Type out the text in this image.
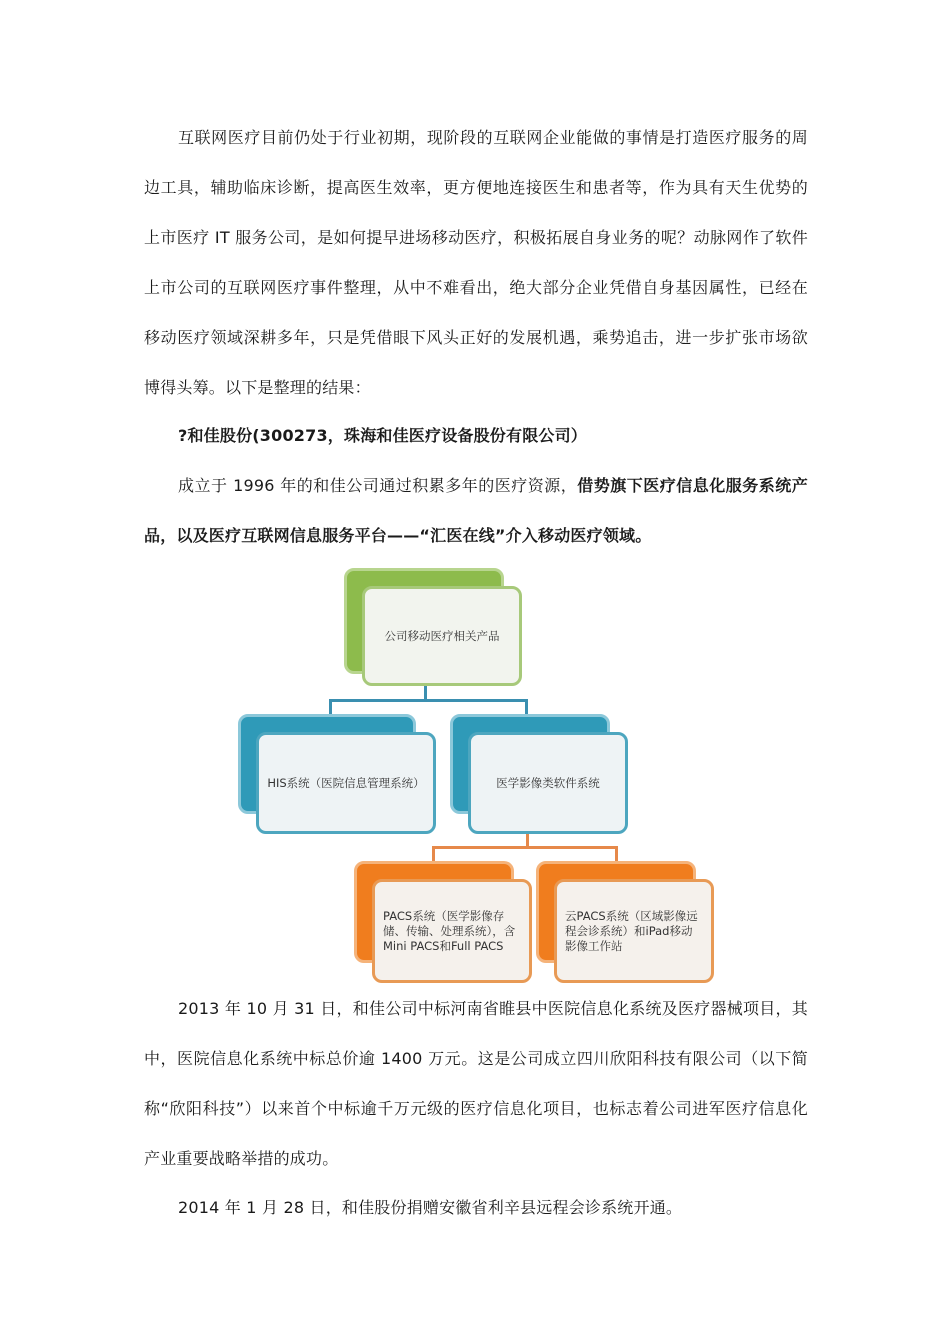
互联网医疗目前仍处于行业初期，现阶段的互联网企业能做的事情是打造医疗服务的周边工具，辅助临床诊断，提高医生效率，更方便地连接医生和患者等，作为具有天生优势的上市医疗 IT 服务公司，是如何提早进场移动医疗，积极拓展自身业务的呢？动脉网作了软件上市公司的互联网医疗事件整理，从中不难看出，绝大部分企业凭借自身基因属性，已经在移动医疗领域深耕多年，只是凭借眼下风头正好的发展机遇，乘势追击，进一步扩张市场欲博得头筹。以下是整理的结果：

?和佳股份(300273，珠海和佳医疗设备股份有限公司）

成立于 1996 年的和佳公司通过积累多年的医疗资源，借势旗下医疗信息化服务系统产品，以及医疗互联网信息服务平台——“汇医在线”介入移动医疗领域。

公司移动医疗相关产品
HIS系统（医院信息管理系统）	医学影像类软件系统
PACS系统（医学影像存储、传输、处理系统），含Mini PACS和Full PACS
云PACS系统（区域影像远程会诊系统）和iPad移动影像工作站

2013 年 10 月 31 日，和佳公司中标河南省睢县中医院信息化系统及医疗器械项目，其中，医院信息化系统中标总价逾 1400 万元。这是公司成立四川欣阳科技有限公司（以下简称“欣阳科技”）以来首个中标逾千万元级的医疗信息化项目，也标志着公司进军医疗信息化产业重要战略举措的成功。

2014 年 1 月 28 日，和佳股份捐赠安徽省利辛县远程会诊系统开通。
